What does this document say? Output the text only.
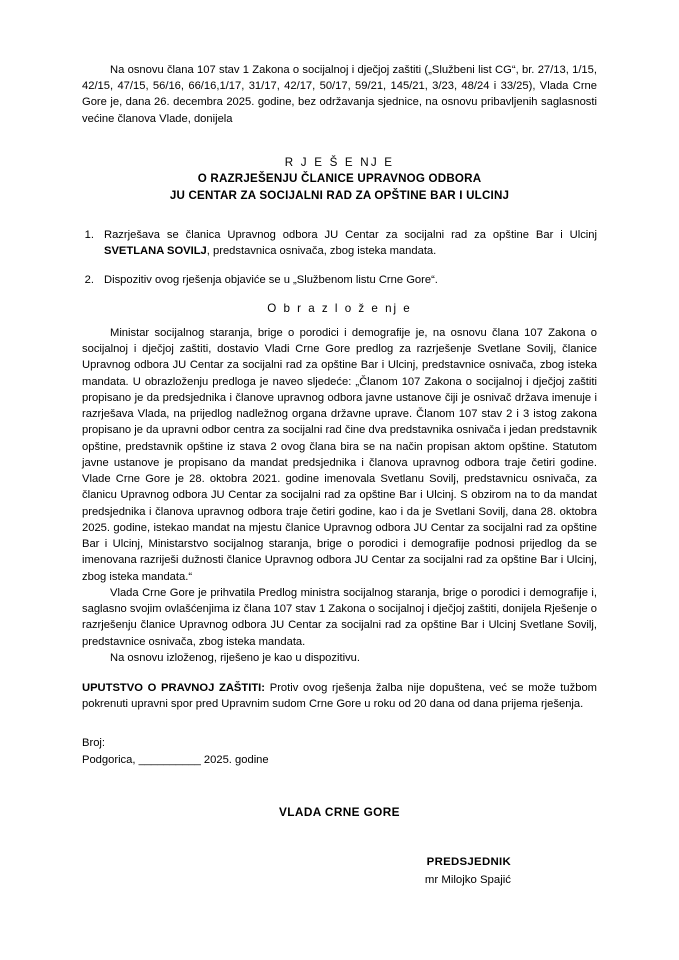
Na osnovu člana 107 stav 1 Zakona o socijalnoj i dječjoj zaštiti („Službeni list CG“, br. 27/13, 1/15, 42/15, 47/15, 56/16, 66/16,1/17, 31/17, 42/17, 50/17, 59/21, 145/21, 3/23, 48/24 i 33/25), Vlada Crne Gore je, dana 26. decembra 2025. godine, bez održavanja sjednice, na osnovu pribavljenih saglasnosti većine članova Vlade, donijela
R J E Š E NJ E
O RAZRJEŠENJU ČLANICE UPRAVNOG ODBORA
JU CENTAR ZA SOCIJALNI RAD ZA OPŠTINE BAR I ULCINJ
1. Razrješava se članica Upravnog odbora JU Centar za socijalni rad za opštine Bar i Ulcinj SVETLANA SOVILJ, predstavnica osnivača, zbog isteka mandata.
2. Dispozitiv ovog rješenja objaviće se u „Službenom listu Crne Gore“.
O b r a z l o ž e nj e

Ministar socijalnog staranja, brige o porodici i demografije je, na osnovu člana 107 Zakona o socijalnoj i dječjoj zaštiti, dostavio Vladi Crne Gore predlog za razrješenje Svetlane Sovilj, članice Upravnog odbora JU Centar za socijalni rad za opštine Bar i Ulcinj, predstavnice osnivača, zbog isteka mandata. U obrazloženju predloga je naveo sljedeće: „Članom 107 Zakona o socijalnoj i dječjoj zaštiti propisano je da predsjednika i članove upravnog odbora javne ustanove čiji je osnivač država imenuje i razrješava Vlada, na prijedlog nadležnog organa državne uprave. Članom 107 stav 2 i 3 istog zakona propisano je da upravni odbor centra za socijalni rad čine dva predstavnika osnivača i jedan predstavnik opštine, predstavnik opštine iz stava 2 ovog člana bira se na način propisan aktom opštine. Statutom javne ustanove je propisano da mandat predsjednika i članova upravnog odbora traje četiri godine. Vlade Crne Gore je 28. oktobra 2021. godine imenovala Svetlanu Sovilj, predstavnicu osnivača, za članicu Upravnog odbora JU Centar za socijalni rad za opštine Bar i Ulcinj. S obzirom na to da mandat predsjednika i članova upravnog odbora traje četiri godine, kao i da je Svetlani Sovilj, dana 28. oktobra 2025. godine, istekao mandat na mjestu članice Upravnog odbora JU Centar za socijalni rad za opštine Bar i Ulcinj, Ministarstvo socijalnog staranja, brige o porodici i demografije podnosi prijedlog da se imenovana razriješi dužnosti članice Upravnog odbora JU Centar za socijalni rad za opštine Bar i Ulcinj, zbog isteka mandata.“

Vlada Crne Gore je prihvatila Predlog ministra socijalnog staranja, brige o porodici i demografije i, saglasno svojim ovlašćenjima iz člana 107 stav 1 Zakona o socijalnoj i dječjoj zaštiti, donijela Rješenje o razrješenju članice Upravnog odbora JU Centar za socijalni rad za opštine Bar i Ulcinj Svetlane Sovilj, predstavnice osnivača, zbog isteka mandata.

Na osnovu izloženog, riješeno je kao u dispozitivu.

UPUTSTVO O PRAVNOJ ZAŠTITI: Protiv ovog rješenja žalba nije dopuštena, već se može tužbom pokrenuti upravni spor pred Upravnim sudom Crne Gore u roku od 20 dana od dana prijema rješenja.
Broj:
Podgorica, __________ 2025. godine
VLADA CRNE GORE
PREDSJEDNIK
mr Milojko Spajić
